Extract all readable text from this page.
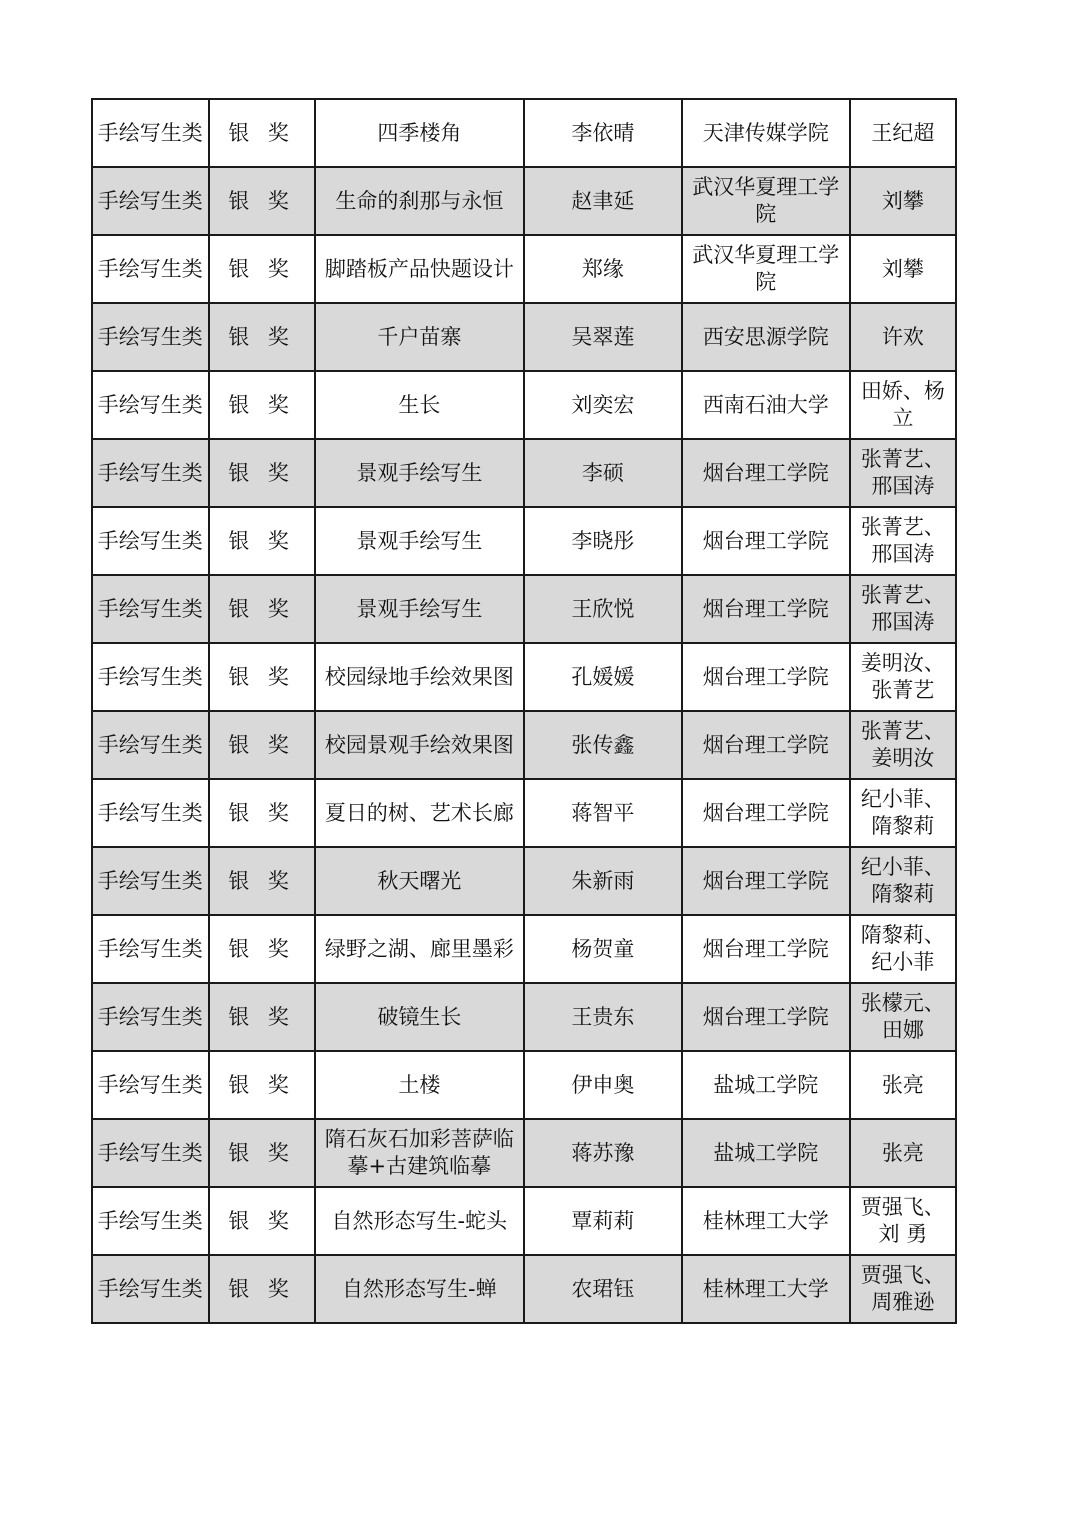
手绘写生类	银 奖	四季楼角	李依晴	天津传媒学院	王纪超
手绘写生类	银 奖	生命的刹那与永恒	赵聿延	武汉华夏理工学院	刘攀
手绘写生类	银 奖	脚踏板产品快题设计	郑缘	武汉华夏理工学院	刘攀
手绘写生类	银 奖	千户苗寨	吴翠莲	西安思源学院	许欢
手绘写生类	银 奖	生长	刘奕宏	西南石油大学	田娇、杨立
手绘写生类	银 奖	景观手绘写生	李硕	烟台理工学院	张菁艺、邢国涛
手绘写生类	银 奖	景观手绘写生	李晓彤	烟台理工学院	张菁艺、邢国涛
手绘写生类	银 奖	景观手绘写生	王欣悦	烟台理工学院	张菁艺、邢国涛
手绘写生类	银 奖	校园绿地手绘效果图	孔媛媛	烟台理工学院	姜明汝、张菁艺
手绘写生类	银 奖	校园景观手绘效果图	张传鑫	烟台理工学院	张菁艺、姜明汝
手绘写生类	银 奖	夏日的树、艺术长廊	蒋智平	烟台理工学院	纪小菲、隋黎莉
手绘写生类	银 奖	秋天曙光	朱新雨	烟台理工学院	纪小菲、隋黎莉
手绘写生类	银 奖	绿野之湖、廊里墨彩	杨贺童	烟台理工学院	隋黎莉、纪小菲
手绘写生类	银 奖	破镜生长	王贵东	烟台理工学院	张檬元、田娜
手绘写生类	银 奖	土楼	伊申奥	盐城工学院	张亮
手绘写生类	银 奖	隋石灰石加彩菩萨临摹+古建筑临摹	蒋苏豫	盐城工学院	张亮
手绘写生类	银 奖	自然形态写生-蛇头	覃莉莉	桂林理工大学	贾强飞、刘 勇
手绘写生类	银 奖	自然形态写生-蝉	农珺钰	桂林理工大学	贾强飞、周雅逊
